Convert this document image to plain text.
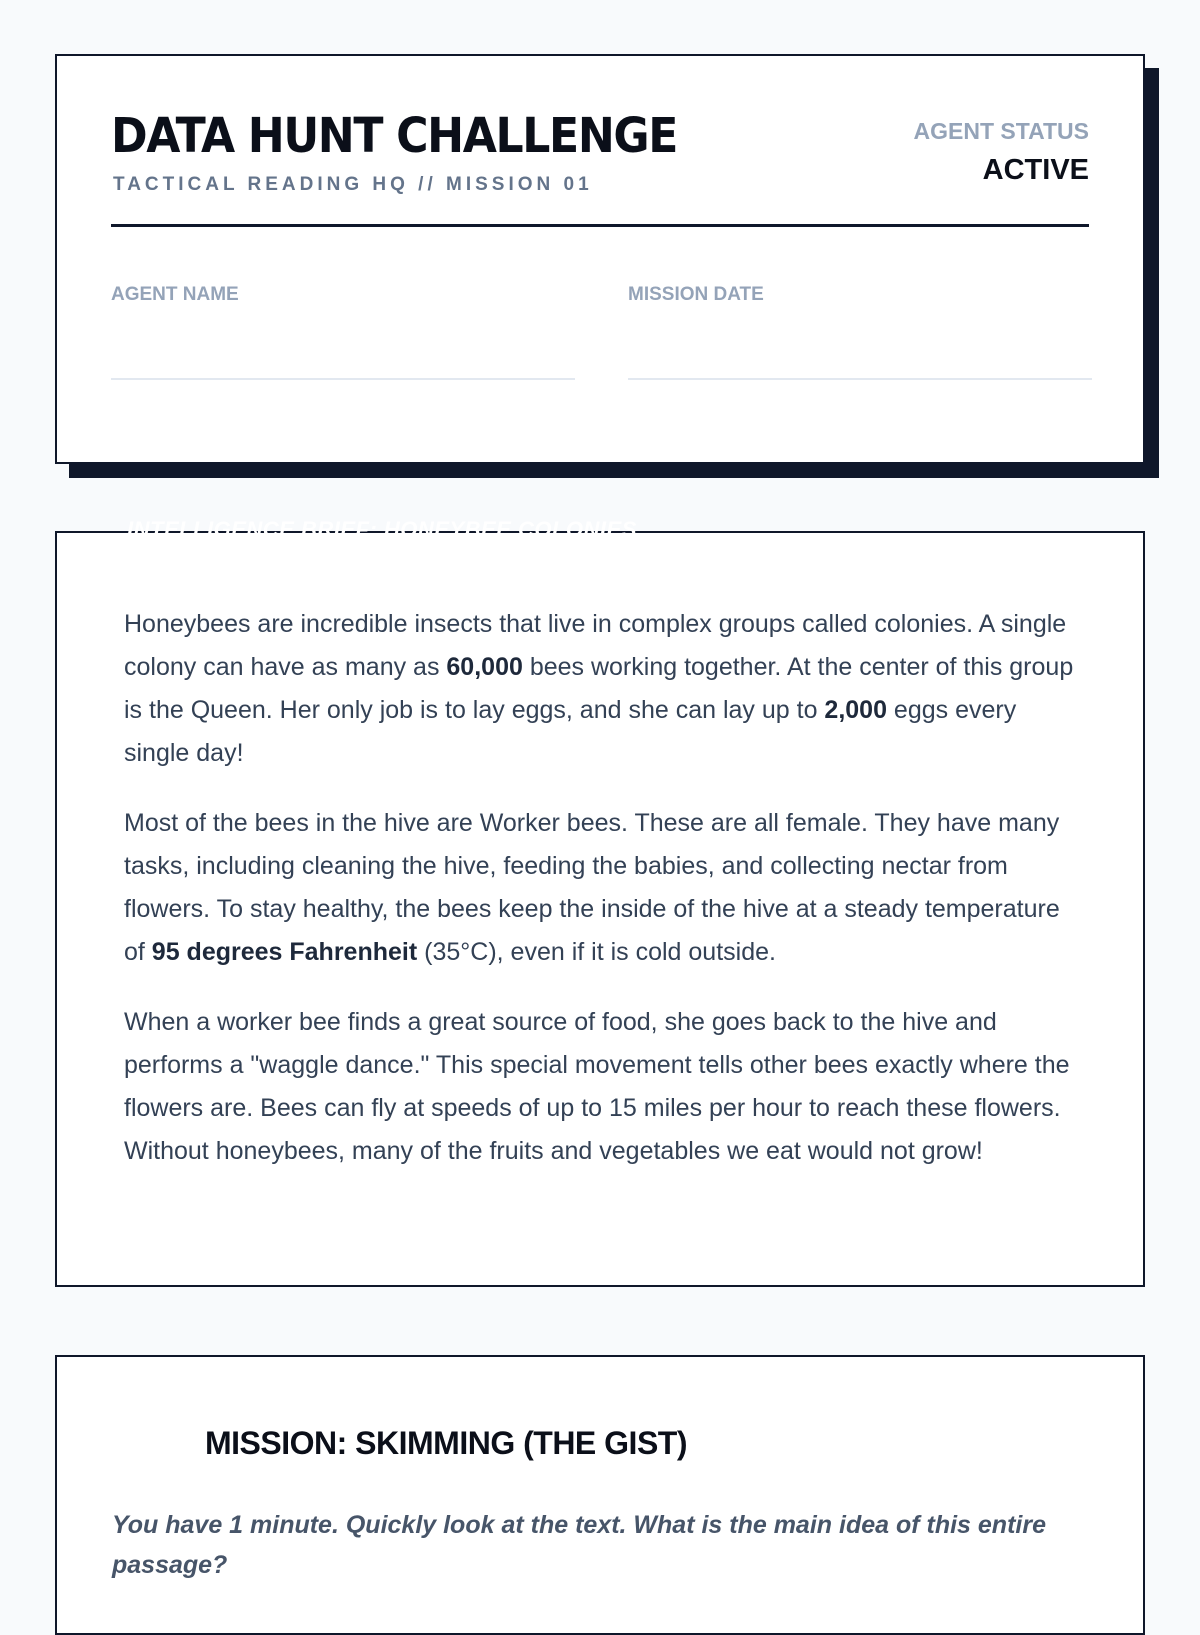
DATA HUNT CHALLENGE
TACTICAL READING HQ // MISSION 01
AGENT STATUS
ACTIVE
AGENT NAME	MISSION DATE
INTELLIGENCE BRIEF: HONEYBEE COLONIES

Honeybees are incredible insects that live in complex groups called colonies. A single colony can have as many as 60,000 bees working together. At the center of this group is the Queen. Her only job is to lay eggs, and she can lay up to 2,000 eggs every single day!

Most of the bees in the hive are Worker bees. These are all female. They have many tasks, including cleaning the hive, feeding the babies, and collecting nectar from flowers. To stay healthy, the bees keep the inside of the hive at a steady temperature of 95 degrees Fahrenheit (35°C), even if it is cold outside.

When a worker bee finds a great source of food, she goes back to the hive and performs a "waggle dance." This special movement tells other bees exactly where the flowers are. Bees can fly at speeds of up to 15 miles per hour to reach these flowers. Without honeybees, many of the fruits and vegetables we eat would not grow!

MISSION: SKIMMING (THE GIST)

You have 1 minute. Quickly look at the text. What is the main idea of this entire passage?
